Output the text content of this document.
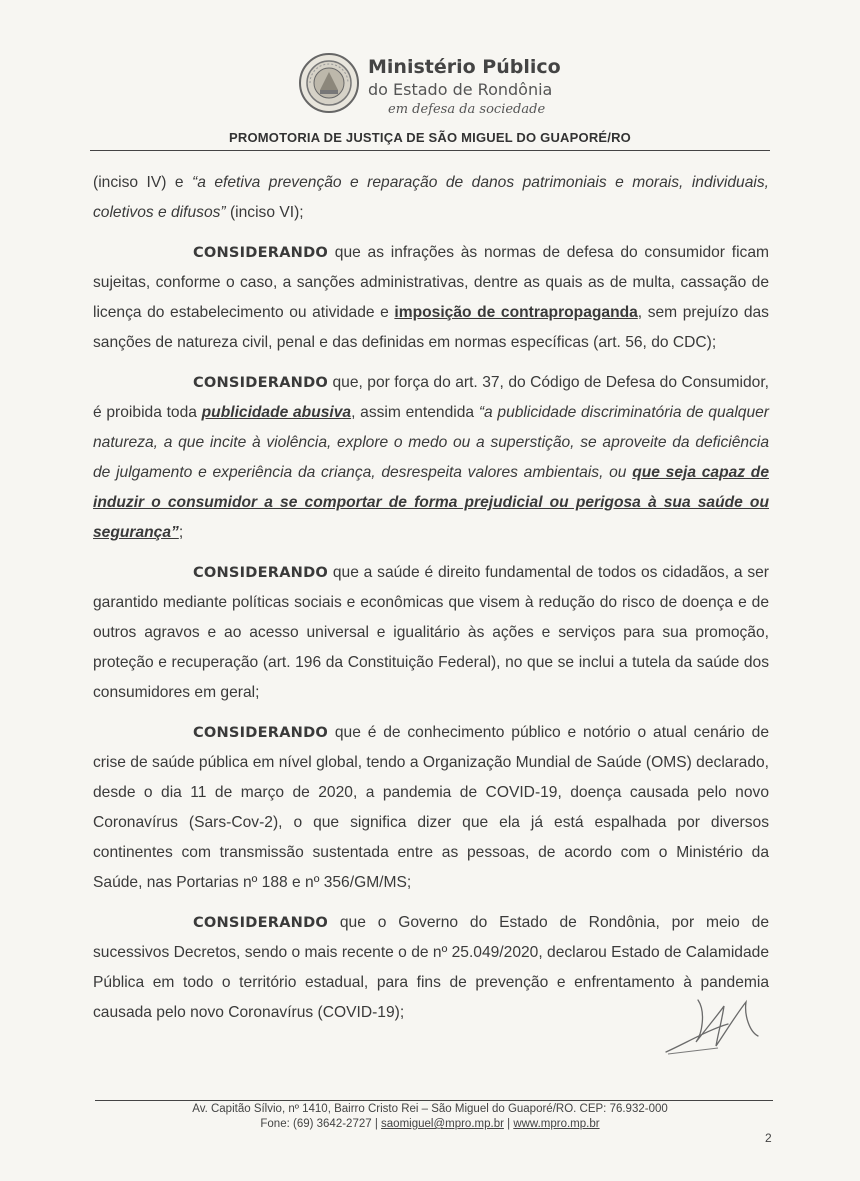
Ministério Público
do Estado de Rondônia
em defesa da sociedade
PROMOTORIA DE JUSTIÇA DE SÃO MIGUEL DO GUAPORÉ/RO

(inciso IV) e “a efetiva prevenção e reparação de danos patrimoniais e morais, individuais, coletivos e difusos” (inciso VI);

CONSIDERANDO que as infrações às normas de defesa do consumidor ficam sujeitas, conforme o caso, a sanções administrativas, dentre as quais as de multa, cassação de licença do estabelecimento ou atividade e imposição de contrapropaganda, sem prejuízo das sanções de natureza civil, penal e das definidas em normas específicas (art. 56, do CDC);

CONSIDERANDO que, por força do art. 37, do Código de Defesa do Consumidor, é proibida toda publicidade abusiva, assim entendida “a publicidade discriminatória de qualquer natureza, a que incite à violência, explore o medo ou a superstição, se aproveite da deficiência de julgamento e experiência da criança, desrespeita valores ambientais, ou que seja capaz de induzir o consumidor a se comportar de forma prejudicial ou perigosa à sua saúde ou segurança”;

CONSIDERANDO que a saúde é direito fundamental de todos os cidadãos, a ser garantido mediante políticas sociais e econômicas que visem à redução do risco de doença e de outros agravos e ao acesso universal e igualitário às ações e serviços para sua promoção, proteção e recuperação (art. 196 da Constituição Federal), no que se inclui a tutela da saúde dos consumidores em geral;

CONSIDERANDO que é de conhecimento público e notório o atual cenário de crise de saúde pública em nível global, tendo a Organização Mundial de Saúde (OMS) declarado, desde o dia 11 de março de 2020, a pandemia de COVID-19, doença causada pelo novo Coronavírus (Sars-Cov-2), o que significa dizer que ela já está espalhada por diversos continentes com transmissão sustentada entre as pessoas, de acordo com o Ministério da Saúde, nas Portarias nº 188 e nº 356/GM/MS;

CONSIDERANDO que o Governo do Estado de Rondônia, por meio de sucessivos Decretos, sendo o mais recente o de nº 25.049/2020, declarou Estado de Calamidade Pública em todo o território estadual, para fins de prevenção e enfrentamento à pandemia causada pelo novo Coronavírus (COVID-19);

Av. Capitão Sílvio, nº 1410, Bairro Cristo Rei – São Miguel do Guaporé/RO. CEP: 76.932-000
Fone: (69) 3642-2727 | saomiguel@mpro.mp.br | www.mpro.mp.br
2
